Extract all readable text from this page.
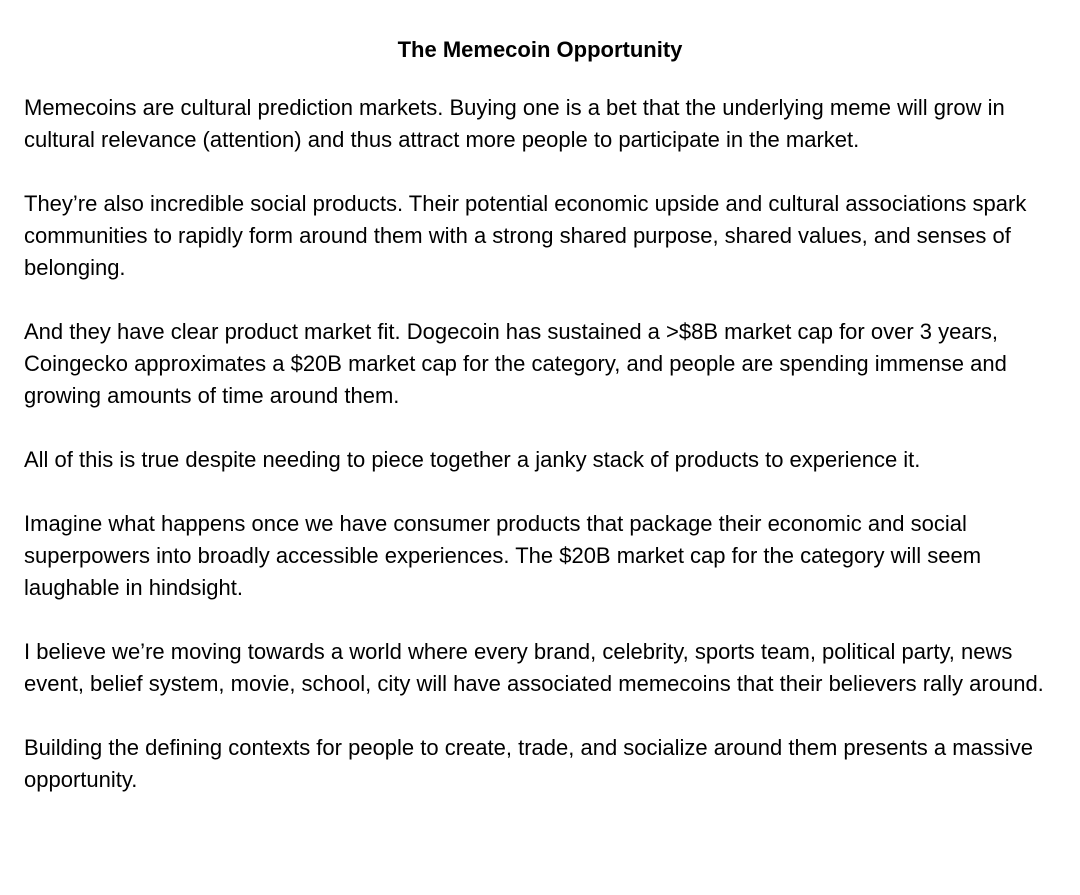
The Memecoin Opportunity

Memecoins are cultural prediction markets. Buying one is a bet that the underlying meme will grow in cultural relevance (attention) and thus attract more people to participate in the market.

They’re also incredible social products. Their potential economic upside and cultural associations spark communities to rapidly form around them with a strong shared purpose, shared values, and senses of belonging.

And they have clear product market fit. Dogecoin has sustained a >$8B market cap for over 3 years, Coingecko approximates a $20B market cap for the category, and people are spending immense and growing amounts of time around them.

All of this is true despite needing to piece together a janky stack of products to experience it.

Imagine what happens once we have consumer products that package their economic and social superpowers into broadly accessible experiences. The $20B market cap for the category will seem laughable in hindsight.

I believe we’re moving towards a world where every brand, celebrity, sports team, political party, news event, belief system, movie, school, city will have associated memecoins that their believers rally around.

Building the defining contexts for people to create, trade, and socialize around them presents a massive opportunity.
